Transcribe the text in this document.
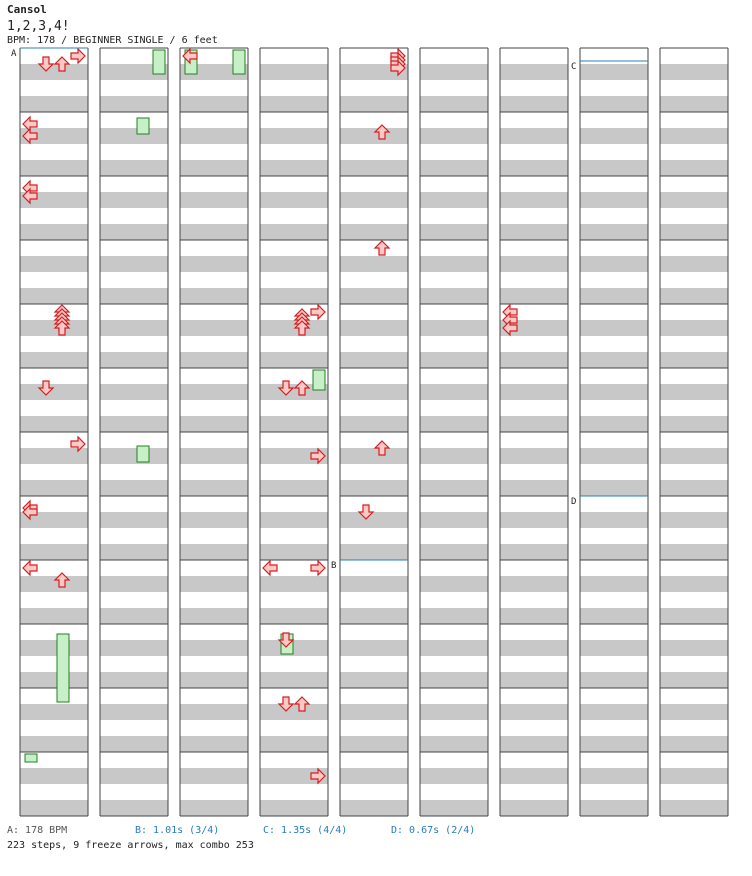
Cansol
1,2,3,4!
BPM: 178 / BEGINNER SINGLE / 6 feet
A
B
C
D
A: 178 BPM	B: 1.01s (3/4)	C: 1.35s (4/4)	D: 0.67s (2/4)
223 steps, 9 freeze arrows, max combo 253
